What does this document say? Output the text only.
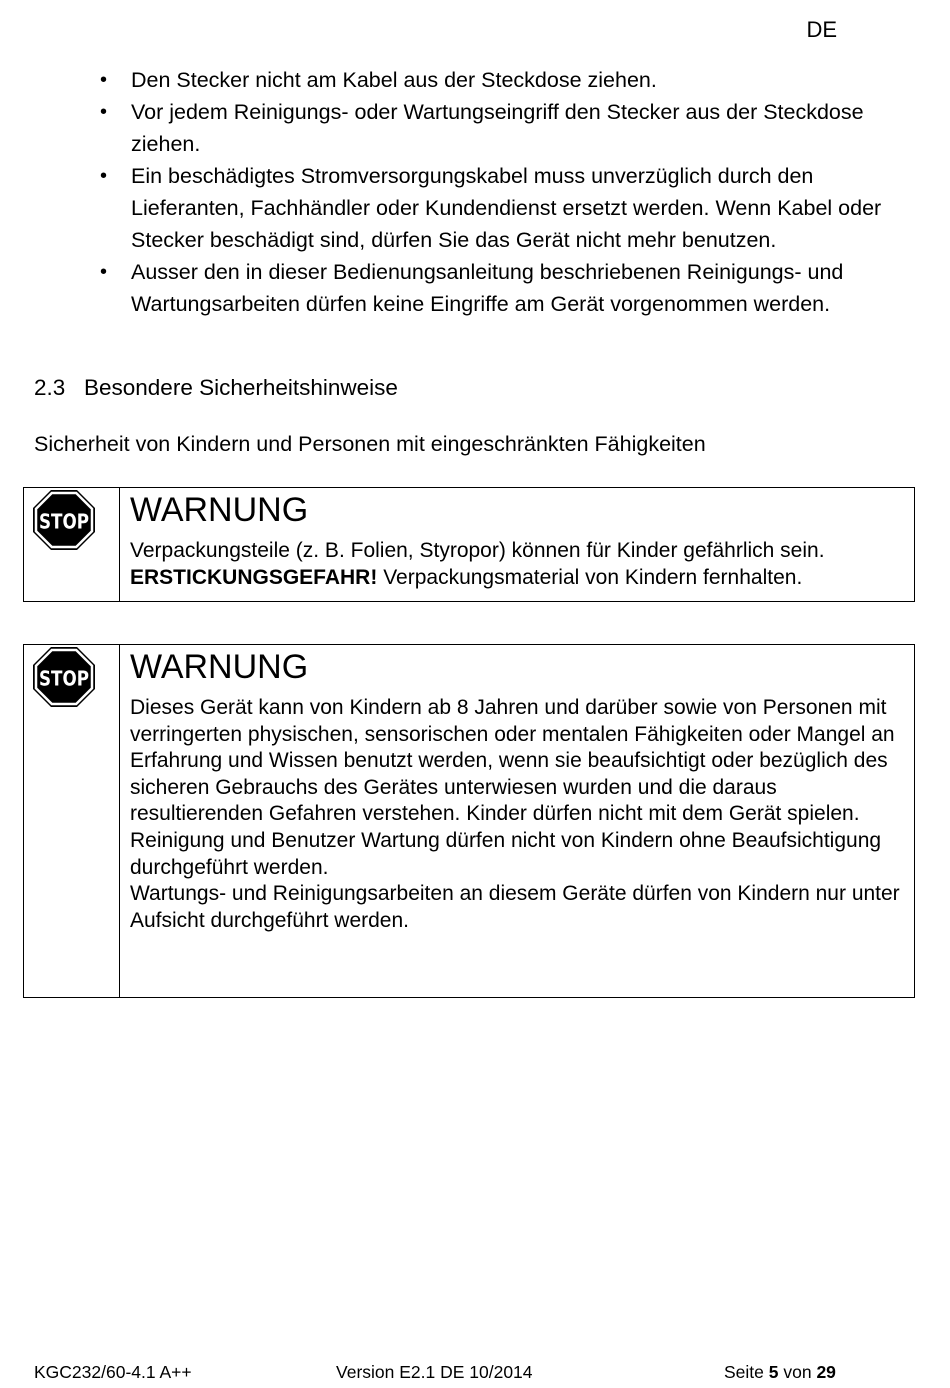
DE
• Den Stecker nicht am Kabel aus der Steckdose ziehen.
• Vor jedem Reinigungs- oder Wartungseingriff den Stecker aus der Steckdose ziehen.
• Ein beschädigtes Stromversorgungskabel muss unverzüglich durch den Lieferanten, Fachhändler oder Kundendienst ersetzt werden. Wenn Kabel oder Stecker beschädigt sind, dürfen Sie das Gerät nicht mehr benutzen.
• Ausser den in dieser Bedienungsanleitung beschriebenen Reinigungs- und Wartungsarbeiten dürfen keine Eingriffe am Gerät vorgenommen werden.
2.3 Besondere Sicherheitshinweise
Sicherheit von Kindern und Personen mit eingeschränkten Fähigkeiten
STOP WARNUNG
Verpackungsteile (z. B. Folien, Styropor) können für Kinder gefährlich sein.
ERSTICKUNGSGEFAHR! Verpackungsmaterial von Kindern fernhalten.
STOP WARNUNG
Dieses Gerät kann von Kindern ab 8 Jahren und darüber sowie von Personen mit verringerten physischen, sensorischen oder mentalen Fähigkeiten oder Mangel an Erfahrung und Wissen benutzt werden, wenn sie beaufsichtigt oder bezüglich des sicheren Gebrauchs des Gerätes unterwiesen wurden und die daraus resultierenden Gefahren verstehen. Kinder dürfen nicht mit dem Gerät spielen. Reinigung und Benutzer Wartung dürfen nicht von Kindern ohne Beaufsichtigung durchgeführt werden.
Wartungs- und Reinigungsarbeiten an diesem Geräte dürfen von Kindern nur unter Aufsicht durchgeführt werden.
KGC232/60-4.1 A++	Version E2.1 DE 10/2014	Seite 5 von 29
